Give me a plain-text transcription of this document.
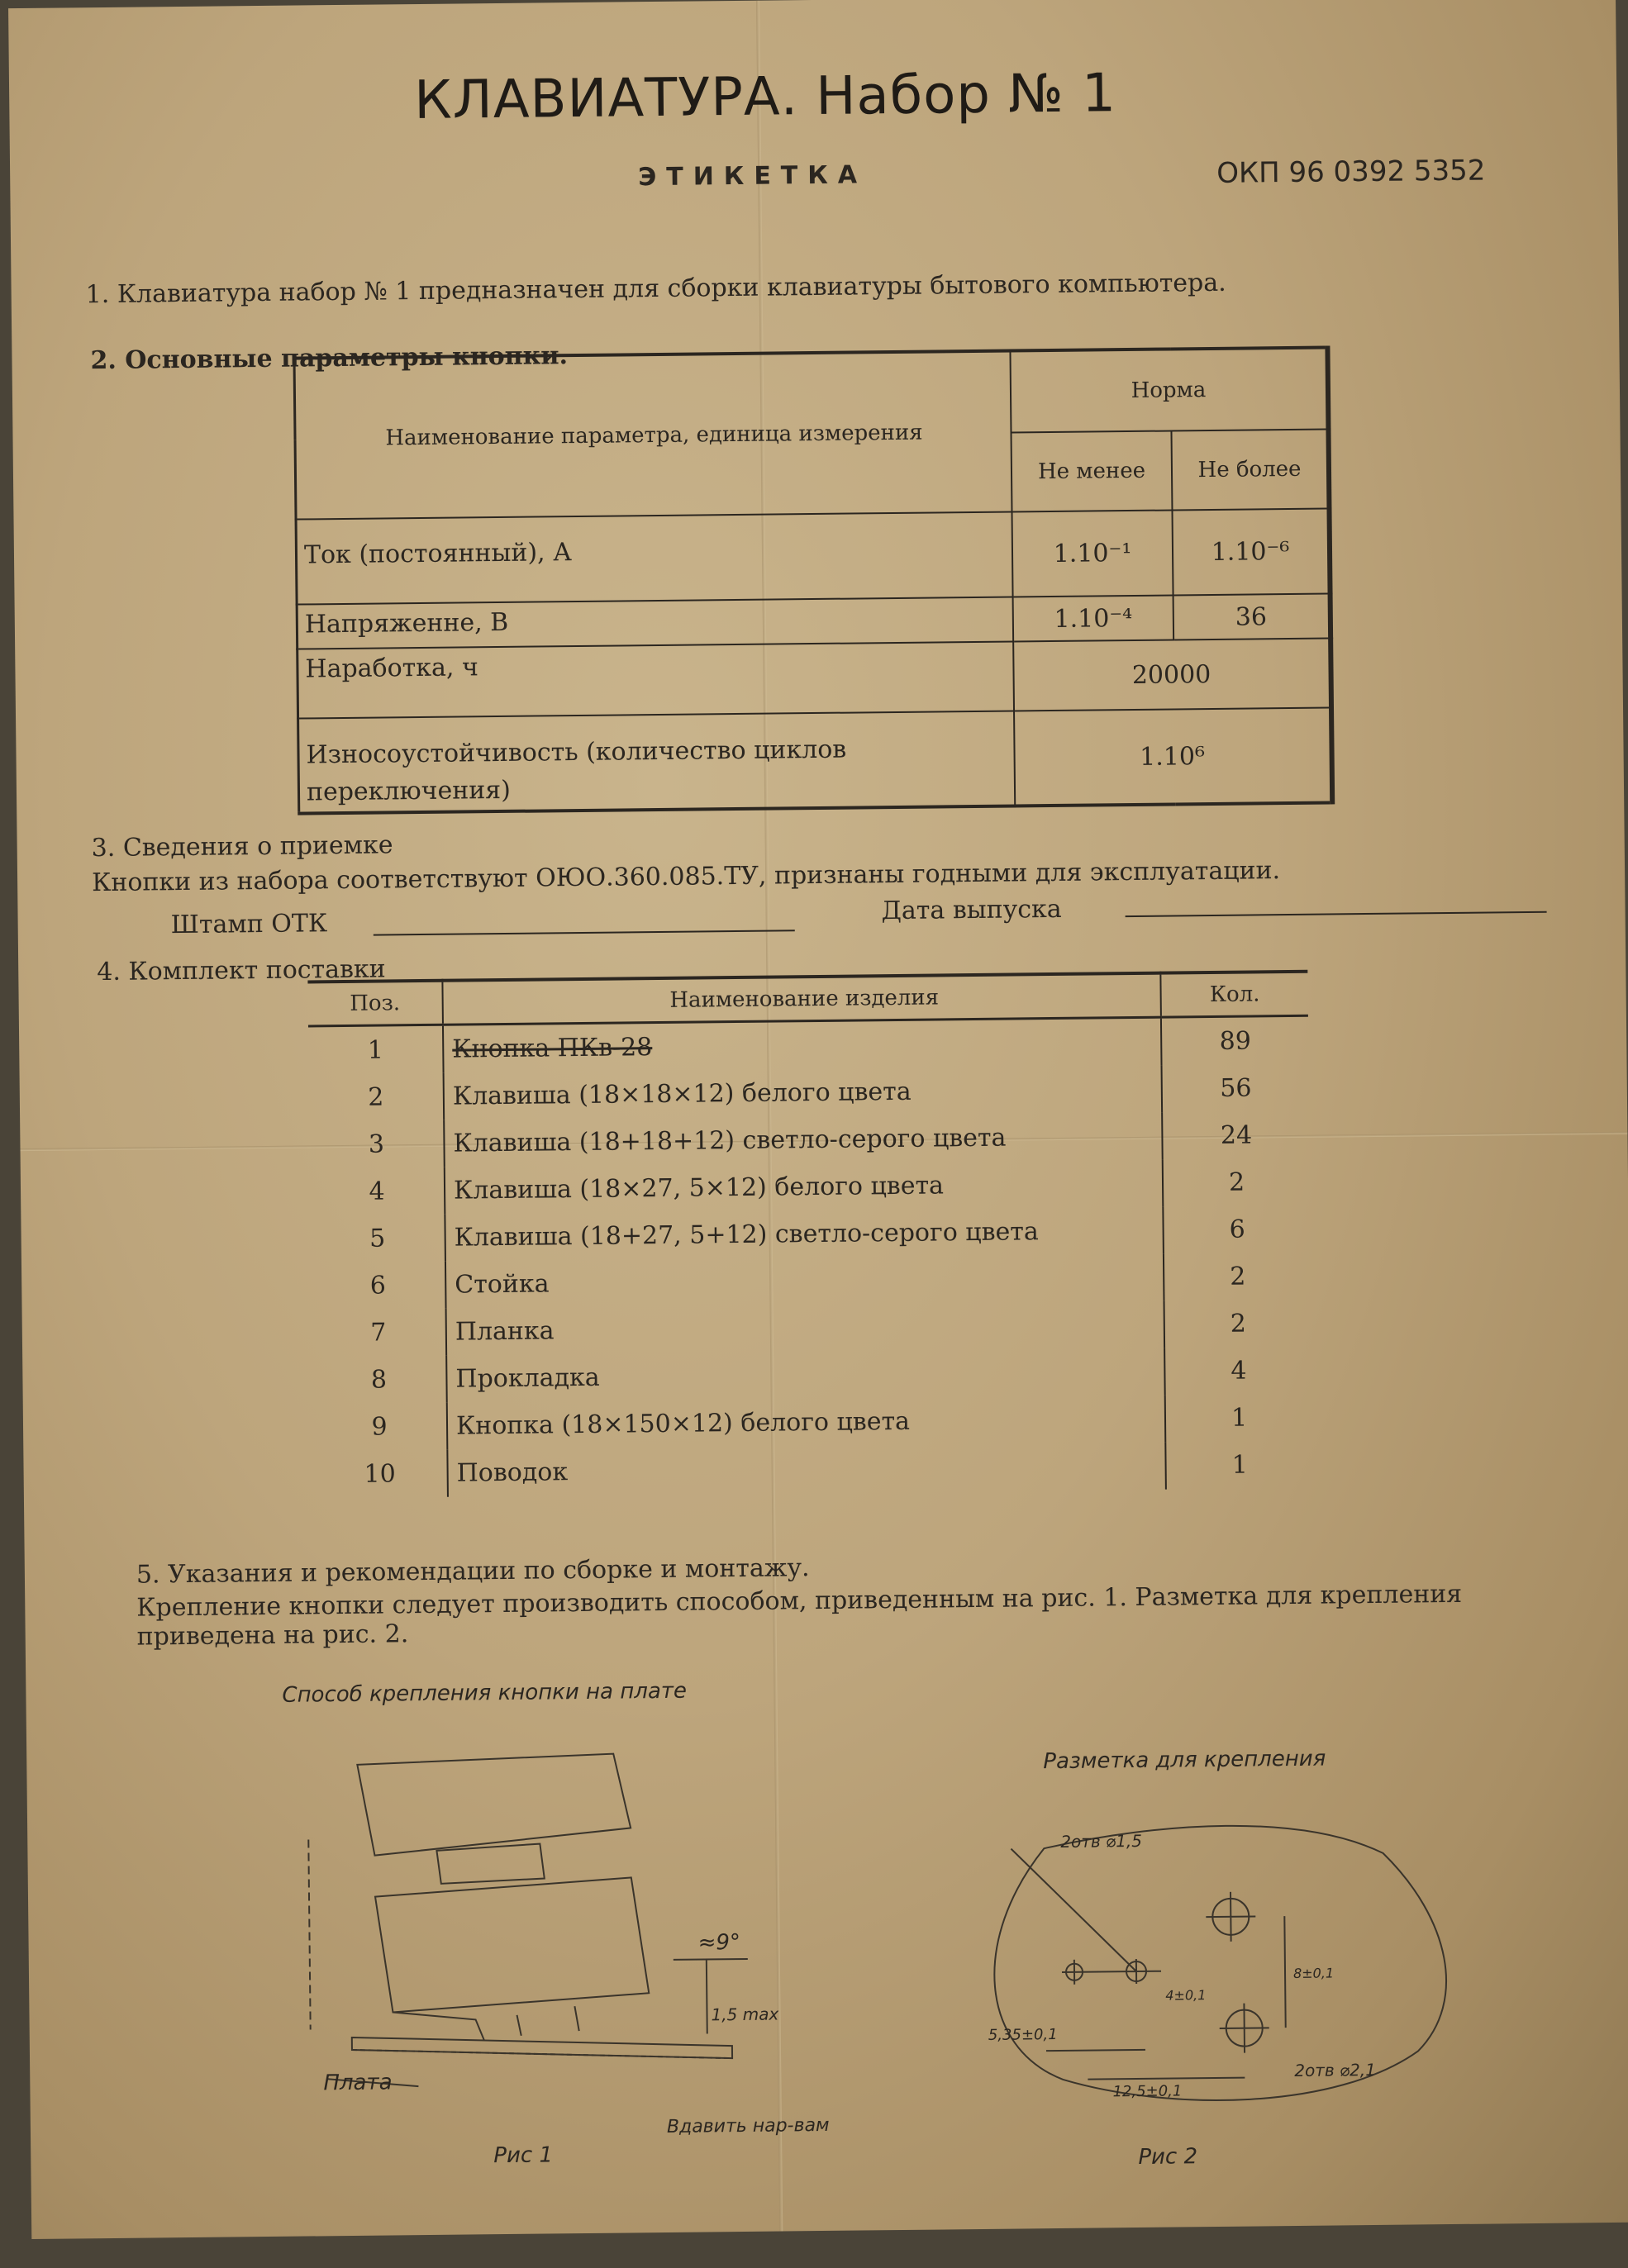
КЛАВИАТУРА. Набор № 1
ЭТИКЕТКА	ОКП 96 0392 5352
1. Клавиатура набор № 1 предназначен для сборки клавиатуры бытового компьютера.
2. Основные параметры кнопки.
Наименование параметра, единица измерения	Норма	
	Не менее	Не более
Ток (постоянный), А	1.10⁻¹	1.10⁻⁶
Напряженне, В	1.10⁻⁴	36
Наработка, ч	20000	
Износоустойчивость (количество циклов переключения)	1.10⁶	
3. Сведения о приемке
Кнопки из набора соответствуют ОЮО.360.085.ТУ, признаны годными для эксплуатации.
Штамп ОТК	Дата выпуска
4. Комплект поставки
Поз.	Наименование изделия	Кол.
1	Кнопка ПКв-28	89
2	Клавиша (18×18×12) белого цвета	56
3	Клавиша (18+18+12) светло-серого цвета	24
4	Клавиша (18×27, 5×12) белого цвета	2
5	Клавиша (18+27, 5+12) светло-серого цвета	6
6	Стойка	2
7	Планка	2
8	Прокладка	4
9	Кнопка (18×150×12) белого цвета	1
10	Поводок	1
5. Указания и рекомендации по сборке и монтажу.
Крепление кнопки следует производить способом, приведенным на рис. 1. Разметка для крепления
приведена на рис. 2.
Способ крепления кнопки на плате
≈9°
1,5 max
Плата
Вдавить нар-вам
Рис 1
Разметка для крепления
2отв ⌀1,5
2отв ⌀2,1
5,35±0,1
12,5±0,1
8±0,1
4±0,1
Рис 2
